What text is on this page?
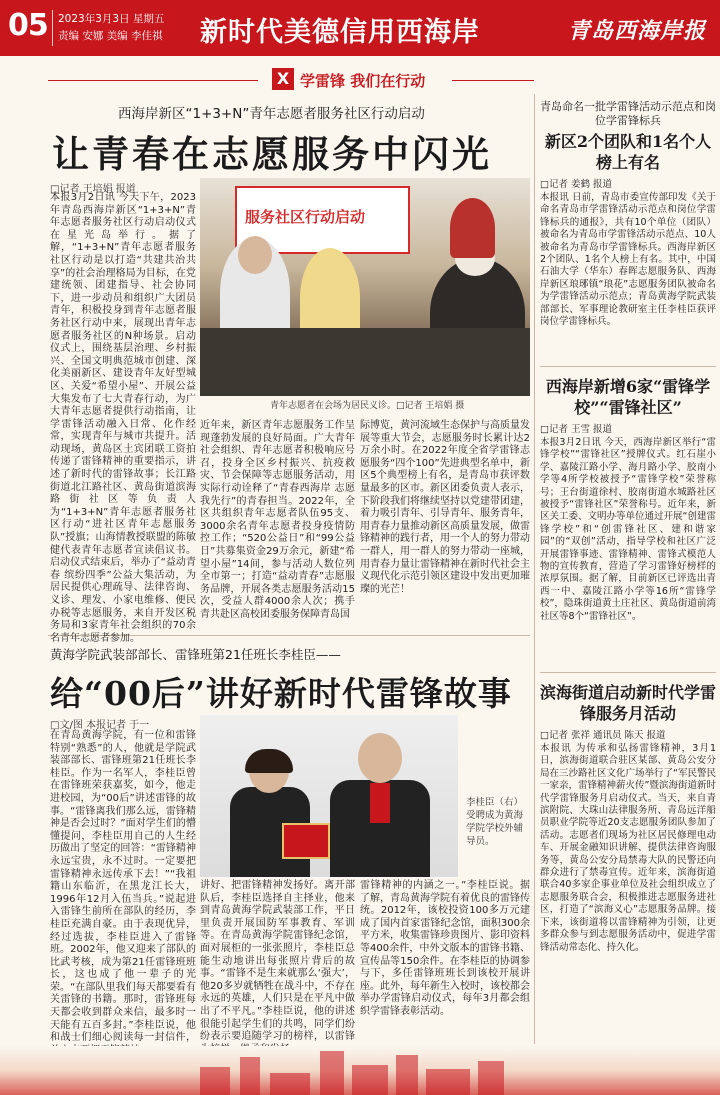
05 2023年3月3日 星期五
责编 安娜 美编 李佳祺 新时代美德信用西海岸	青岛西海岸报
X 学雷锋 我们在行动
西海岸新区“1+3+N”青年志愿者服务社区行动启动
让青春在志愿服务中闪光
□记者 王培娟 报道
本报3月2日讯 今天下午，2023年青岛西海岸新区“1+3+N”青年志愿者服务社区行动启动仪式在星光岛举行。据了解，“1+3+N”青年志愿者服务社区行动是以打造“共建共治共享”的社会治理格局为目标，在党建统领、团建指导、社会协同下，进一步动员和组织广大团员青年，积极投身到青年志愿者服务社区行动中来，展现出青年志愿者服务社区的N种场景。启动仪式上，围绕基层治理、乡村振兴、全国文明典范城市创建、深化美丽新区、建设青年友好型城区、关爱“希望小屋”、开展公益大集发布了七大青春行动，为广大青年志愿者提供行动指南，让学雷锋活动融入日常、化作经常，实现青年与城市共提升。活动现场，黄岛区土宾团联工资拍传递了雷锋精神的重要指示，讲述了新时代的雷锋故事；长江路街道北江路社区、黄岛街道滨海路街社区等负责人为“1+3+N”青年志愿者服务社区行动“进社区青年志愿服务队”授旗；山海情教授联盟的陈敏健代表青年志愿者宣读倡议书。启动仪式结束后，举办了“益动青春 缤纷四季”公益大集活动，为居民提供心理疏导、法律咨询、义诊、理发、小家电维修、便民办税等志愿服务，来自开发区税务局和3家青年社会组织的70余名青年志愿者参加。
服务社区行动启动
青年志愿者在会场为居民义诊。□记者 王培娟 摄
近年来，新区青年志愿服务工作呈现蓬勃发展的良好局面。广大青年社会组织、青年志愿者积极响应号召，投身全区乡村振兴、抗疫救灾、节会保障等志愿服务活动，用实际行动诠释了“青春西海岸 志愿我先行”的青春担当。2022年，全区共组织青年志愿者队伍95支、3000余名青年志愿者投身疫情防控工作；“520公益日”和“99公益日”共募集资金29万余元，新建“希望小屋”14间，参与活动人数位列全市第一；打造“益动青春”志愿服务品牌，开展各类志愿服务活动15次，受益人群4000余人次；携手青共赴区高校团委服务保障青岛国
际博览，黄河流域生态保护与高质量发展等重大节会，志愿服务时长累计达2万余小时。在2022年度全省学雷锋志愿服务“四个100”先进典型名单中，新区5个典型榜上有名，是青岛市获评数量最多的区市。新区团委负责人表示，下阶段我们将继续坚持以党建带团建，着力吸引青年、引导青年、服务青年，用青春力量推动新区高质量发展，做雷锋精神的践行者，用一个人的努力带动一群人，用一群人的努力带动一座城，用青春力量让雷锋精神在新时代社会主义现代化示范引领区建设中发出更加璀璨的光芒！
黄海学院武装部部长、雷锋班第21任班长李桂臣——
给“00后”讲好新时代雷锋故事
□文/图 本报记者 于一
在青岛黄海学院，有一位和雷锋特别“熟悉”的人，他就是学院武装部部长、雷锋班第21任班长李桂臣。作为一名军人，李桂臣曾在雷锋班荣获嘉奖，如今，他走进校园，为“00后”讲述雷锋的故事。“雷锋离我们那么远，雷锋精神是否会过时？”面对学生们的懵懂提问，李桂臣用自己的人生经历做出了坚定的回答：“雷锋精神永远宝贵，永不过时。一定要把雷锋精神永远传承下去！”“我祖籍山东临沂，在黑龙江长大，1996年12月入伍当兵。”说起进入雷锋生前所在部队的经历，李桂臣充满自豪。由于表现优异，经过选拔，李桂臣进入了雷锋班。2002年，他又迎来了部队的比武考核，成为第21任雷锋班班长，这也成了他一辈子的光荣。“在部队里我们每天都要看有关雷锋的书籍。那时，雷锋班每天都会收到群众来信，最多时一天能有五百多封。”李桂臣说，他和战士们细心阅读每一封信件，
李桂臣（右）受聘成为黄海学院学校外辅导员。
讲好、把雷锋精神发扬好。离开部队后，李桂臣选择自主择业，他来到青岛黄海学院武装部工作，平日里负责开展国防军事教育、军训等。在青岛黄海学院雷锋纪念馆，面对展柜的一张张照片，李桂臣总能生动地讲出每张照片背后的故事。“雷锋不是生来就那么‘强大’，他20多岁就牺牲在战斗中，不存在永远的英雄，人们只是在平凡中做出了不平凡。”李桂臣说，他的讲述很能引起学生们的共鸣，同学们纷纷表示要追随学习的榜样，以雷锋
雷锋精神的内涵之一。”李桂臣说。据了解，青岛黄海学院有着优良的雷锋传统。2012年，该校投资100多万元建成了国内首家雷锋纪念馆，面积300余平方米，收集雷锋珍贵图片、影印资料等400余件，中外文版本的雷锋书籍、宣传品等150余件。在李桂臣的协调参与下，多任雷锋班班长到该校开展讲座。此外，每年新生入校时，该校都会举办学雷锋启动仪式，每年3月都会组织学雷锋表彰活动。
青岛命名一批学雷锋活动示范点和岗位学雷锋标兵
新区2个团队和1名个人榜上有名
□记者 姜鹤 报道
本报讯 日前，青岛市委宣传部印发《关于命名青岛市学雷锋活动示范点和岗位学雷锋标兵的通报》，共有10个单位（团队）被命名为青岛市学雷锋活动示范点、10人被命名为青岛市学雷锋标兵。西海岸新区2个团队、1名个人榜上有名。其中，中国石油大学（华东）春晖志愿服务队、西海岸新区琅琊镇“琅花”志愿服务团队被命名为学雷锋活动示范点；青岛黄海学院武装部部长、军事理论教研室主任李桂臣获评岗位学雷锋标兵。
西海岸新增6家“雷锋学校”“雷锋社区”
□记者 王雪 报道
本报3月2日讯 今天，西海岸新区举行“雷锋学校”“雷锋社区”授牌仪式。红石崖小学、嘉陵江路小学、海月路小学、胶南小学等4所学校被授予“雷锋学校”荣誉称号；王台街道徐村、胶南街道水城路社区被授予“雷锋社区”荣誉称号。近年来，新区关工委、文明办等单位通过开展“创建雷锋学校”和“创雷锋社区、建和谐家园”的“双创”活动，指导学校和社区广泛开展雷锋事迹、雷锋精神、雷锋式模范人物的宣传教育，营造了学习雷锋好榜样的浓厚氛围。据了解，目前新区已评选出青西一中、嘉陵江路小学等16所“雷锋学校”，隐珠街道黄土庄社区、黄岛街道前湾社区等8个“雷锋社区”。
滨海街道启动新时代学雷锋服务月活动
□记者 张祥 通讯员 陈天 报道
本报讯 为传承和弘扬雷锋精神，3月1日，滨海街道联合驻区某部、黄岛公安分局在三沙路社区文化广场举行了“军民警民一家亲，雷锋精神薪火传”暨滨海街道新时代学雷锋服务月启动仪式。当天，来自青滨附院、大珠山法律服务所、青岛远洋船员职业学院等近20支志愿服务团队参加了活动。志愿者们现场为社区居民修理电动车、开展金融知识讲解、提供法律咨询服务等，黄岛公安分局禁毒大队的民警还向群众进行了禁毒宣传。近年来，滨海街道联合40多家企事业单位及社会组织成立了志愿服务联合会，积极推进志愿服务进社区，打造了“滨海义心”志愿服务品牌。接下来，该街道将以雷锋精神为引领，让更多群众参与到志愿服务活动中，促进学雷锋活动常态化、持久化。
